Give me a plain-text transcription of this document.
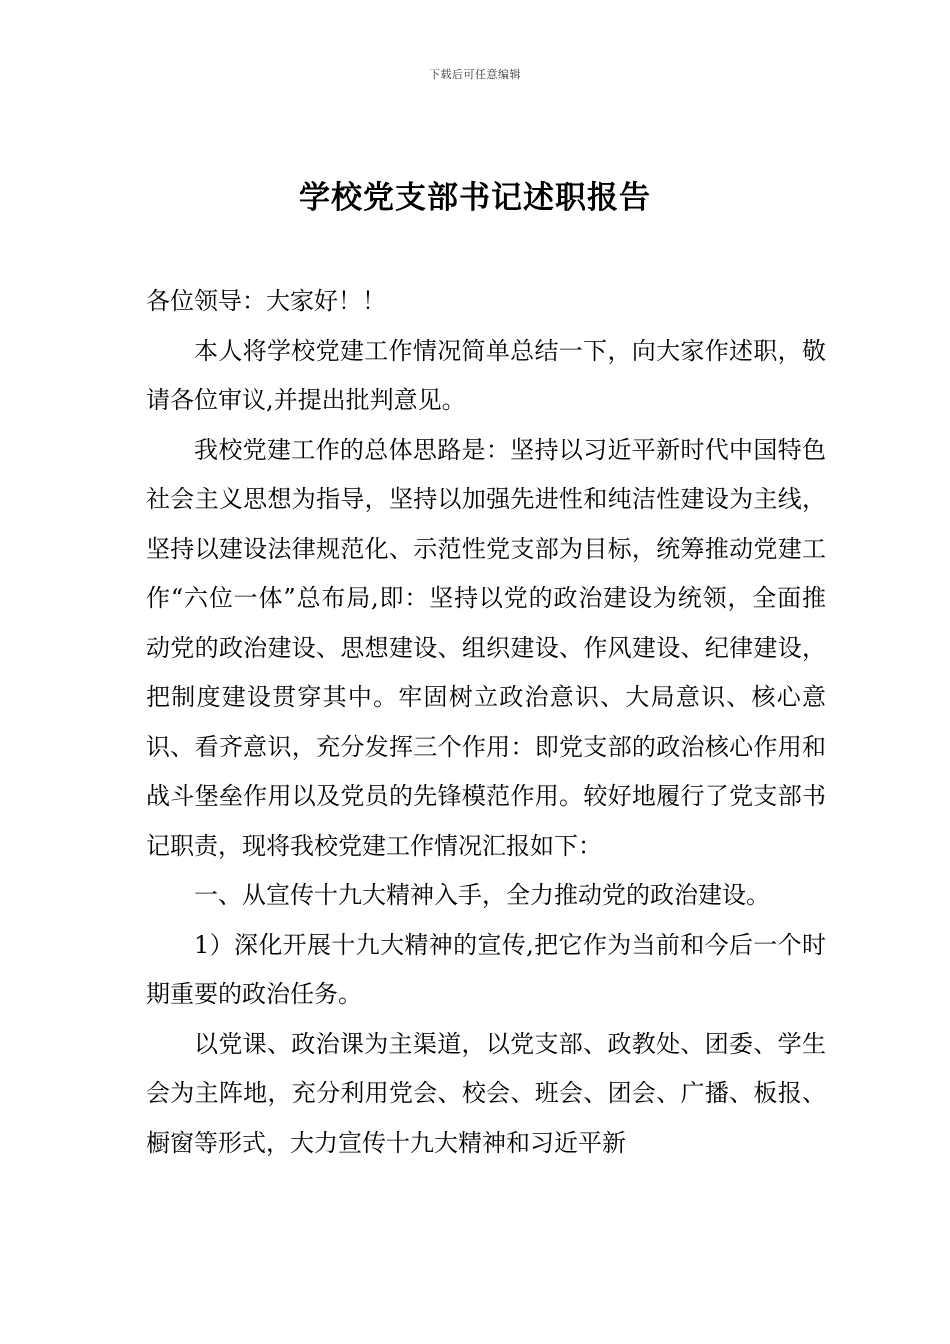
下载后可任意编辑
学校党支部书记述职报告

各位领导：大家好！！

本人将学校党建工作情况简单总结一下，向大家作述职，敬请各位审议,并提出批判意见。

我校党建工作的总体思路是：坚持以习近平新时代中国特色社会主义思想为指导，坚持以加强先进性和纯洁性建设为主线，坚持以建设法律规范化、示范性党支部为目标，统筹推动党建工作“六位一体”总布局,即：坚持以党的政治建设为统领，全面推动党的政治建设、思想建设、组织建设、作风建设、纪律建设，把制度建设贯穿其中。牢固树立政治意识、大局意识、核心意识、看齐意识，充分发挥三个作用：即党支部的政治核心作用和战斗堡垒作用以及党员的先锋模范作用。较好地履行了党支部书记职责，现将我校党建工作情况汇报如下：

一、从宣传十九大精神入手，全力推动党的政治建设。

1）深化开展十九大精神的宣传,把它作为当前和今后一个时期重要的政治任务。

以党课、政治课为主渠道，以党支部、政教处、团委、学生会为主阵地，充分利用党会、校会、班会、团会、广播、板报、橱窗等形式，大力宣传十九大精神和习近平新
